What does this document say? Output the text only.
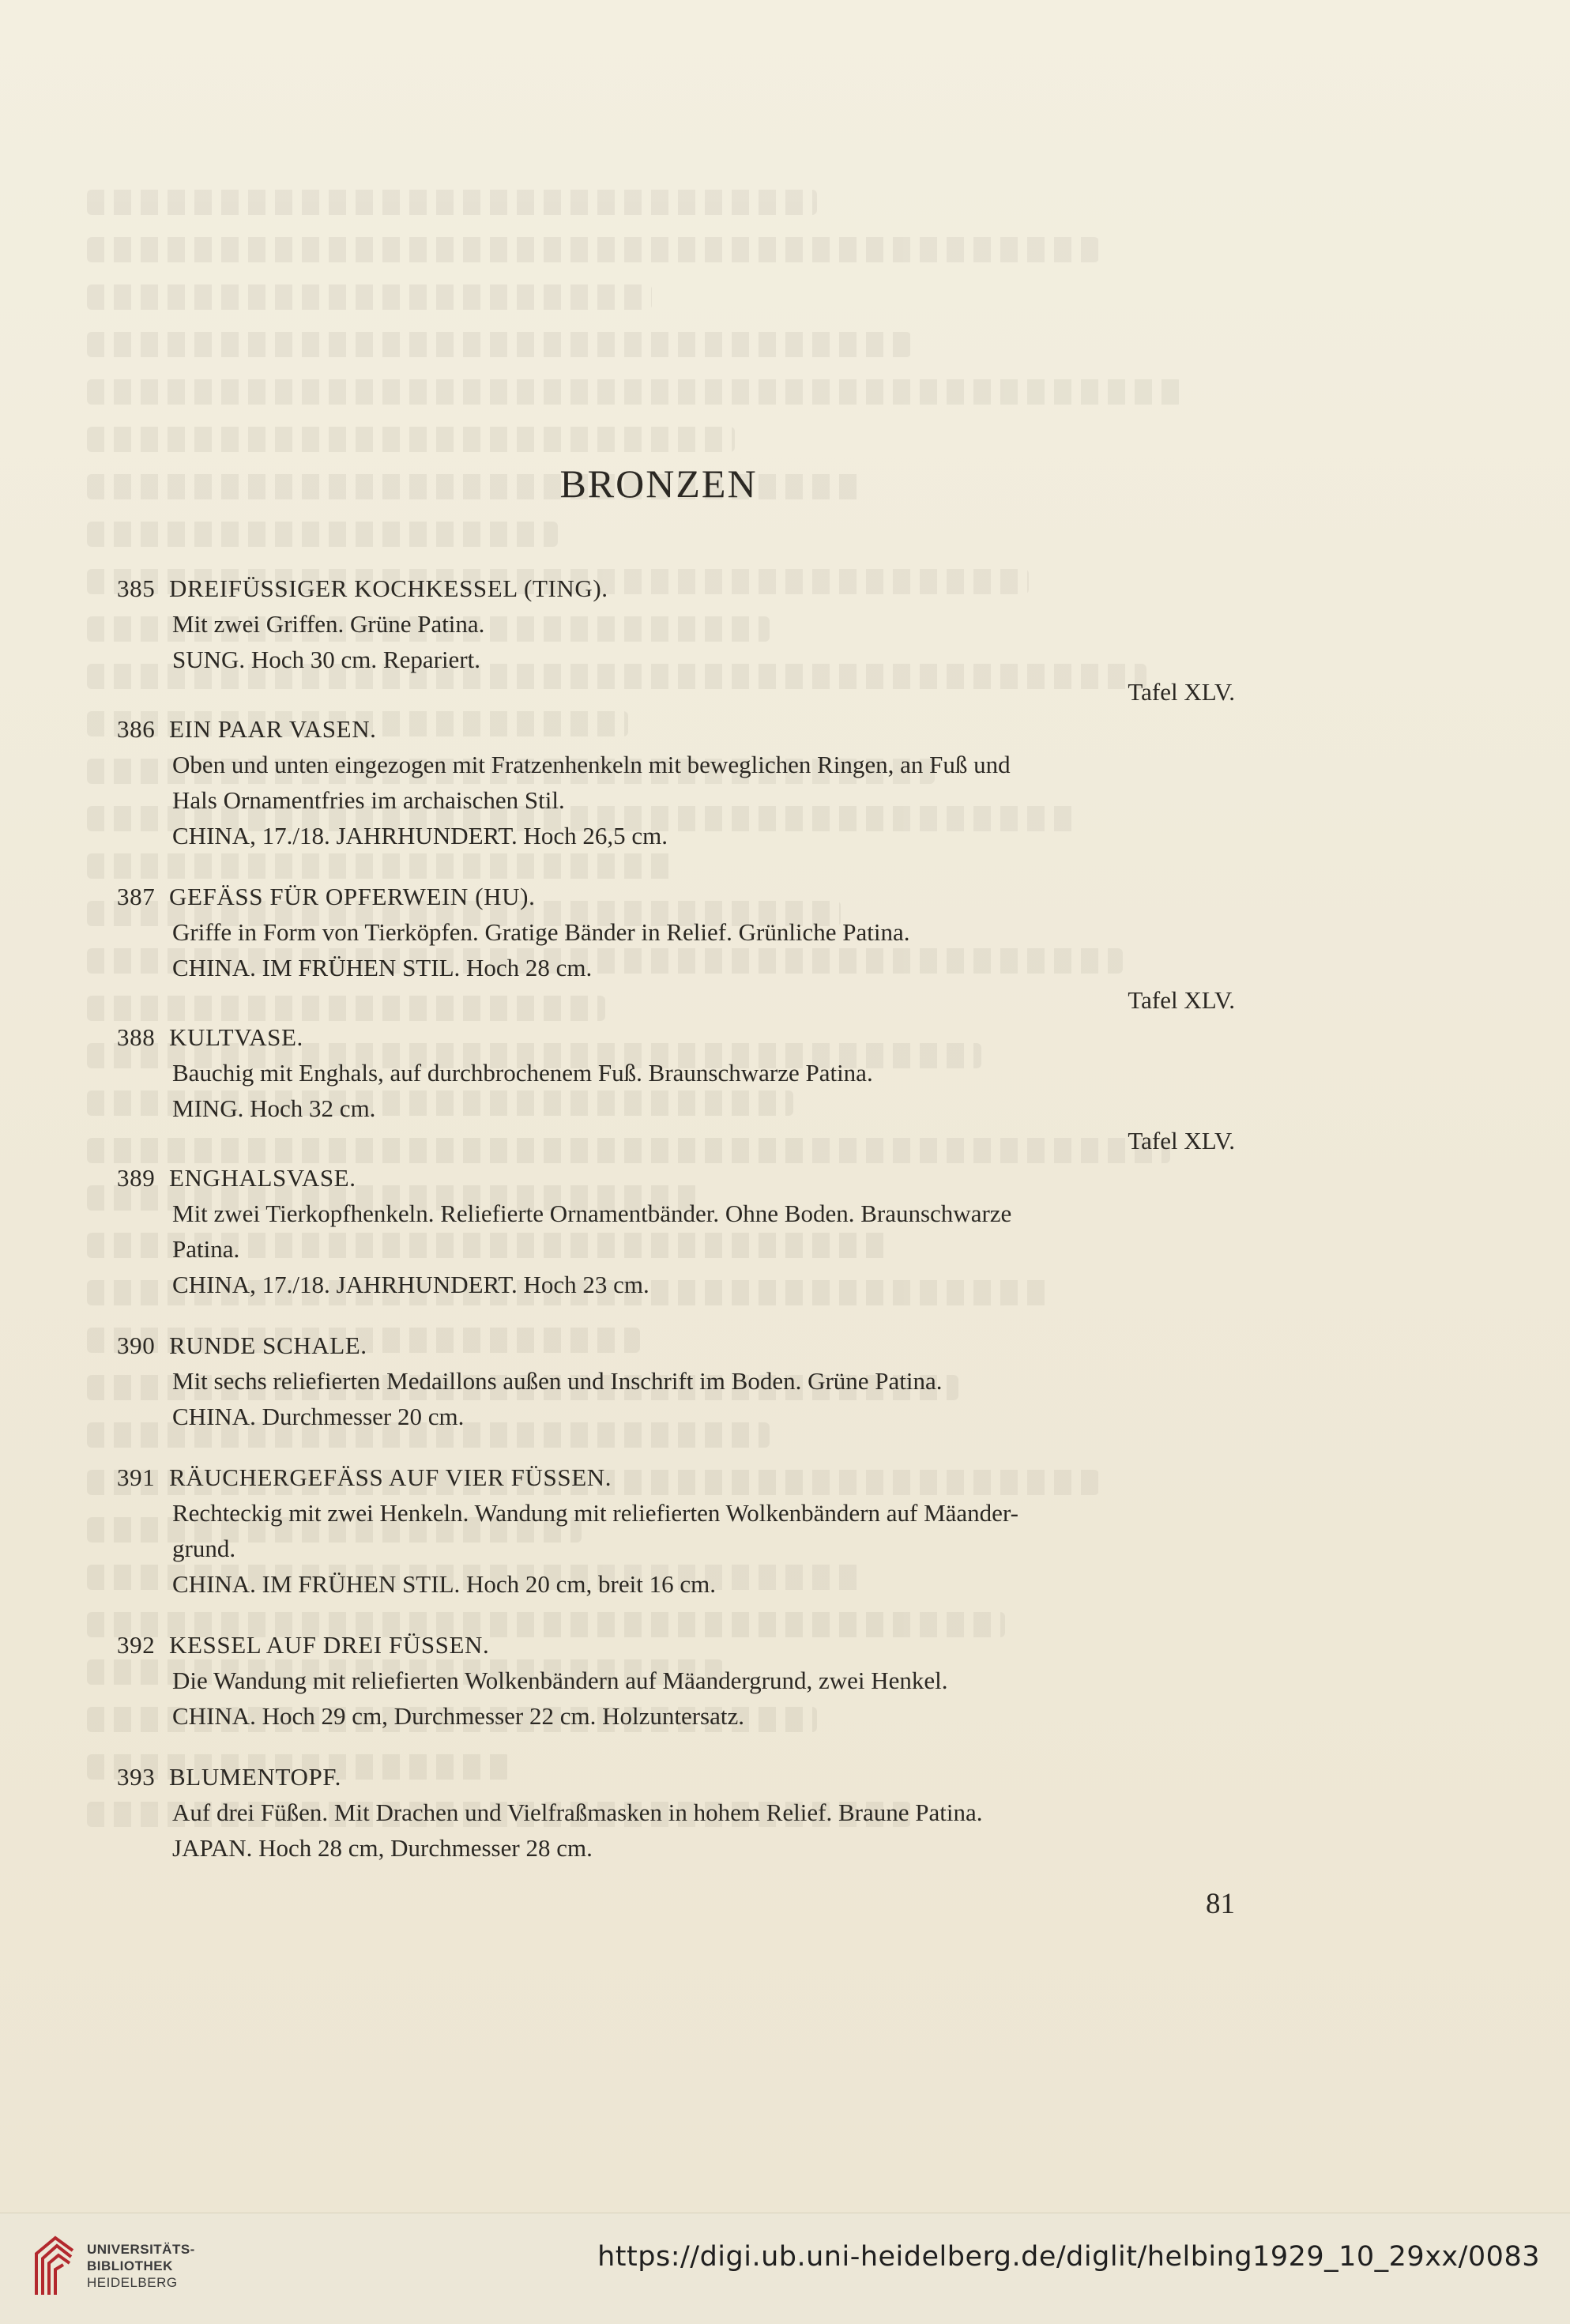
BRONZEN
385 DREIFÜSSIGER KOCHKESSEL (TING).
Mit zwei Griffen. Grüne Patina.
SUNG. Hoch 30 cm. Repariert.
Tafel XLV.
386 EIN PAAR VASEN.
Oben und unten eingezogen mit Fratzenhenkeln mit beweglichen Ringen, an Fuß und
Hals Ornamentfries im archaischen Stil.
CHINA, 17./18. JAHRHUNDERT. Hoch 26,5 cm.
387 GEFÄSS FÜR OPFERWEIN (HU).
Griffe in Form von Tierköpfen. Gratige Bänder in Relief. Grünliche Patina.
CHINA. IM FRÜHEN STIL. Hoch 28 cm.
Tafel XLV.
388 KULTVASE.
Bauchig mit Enghals, auf durchbrochenem Fuß. Braunschwarze Patina.
MING. Hoch 32 cm.
Tafel XLV.
389 ENGHALSVASE.
Mit zwei Tierkopfhenkeln. Reliefierte Ornamentbänder. Ohne Boden. Braunschwarze
Patina.
CHINA, 17./18. JAHRHUNDERT. Hoch 23 cm.
390 RUNDE SCHALE.
Mit sechs reliefierten Medaillons außen und Inschrift im Boden. Grüne Patina.
CHINA. Durchmesser 20 cm.
391 RÄUCHERGEFÄSS AUF VIER FÜSSEN.
Rechteckig mit zwei Henkeln. Wandung mit reliefierten Wolkenbändern auf Mäander-
grund.
CHINA. IM FRÜHEN STIL. Hoch 20 cm, breit 16 cm.
392 KESSEL AUF DREI FÜSSEN.
Die Wandung mit reliefierten Wolkenbändern auf Mäandergrund, zwei Henkel.
CHINA. Hoch 29 cm, Durchmesser 22 cm. Holzuntersatz.
393 BLUMENTOPF.
Auf drei Füßen. Mit Drachen und Vielfraßmasken in hohem Relief. Braune Patina.
JAPAN. Hoch 28 cm, Durchmesser 28 cm.
81
UNIVERSITÄTS-
BIBLIOTHEK
HEIDELBERG
https://digi.ub.uni-heidelberg.de/diglit/helbing1929_10_29xx/0083
